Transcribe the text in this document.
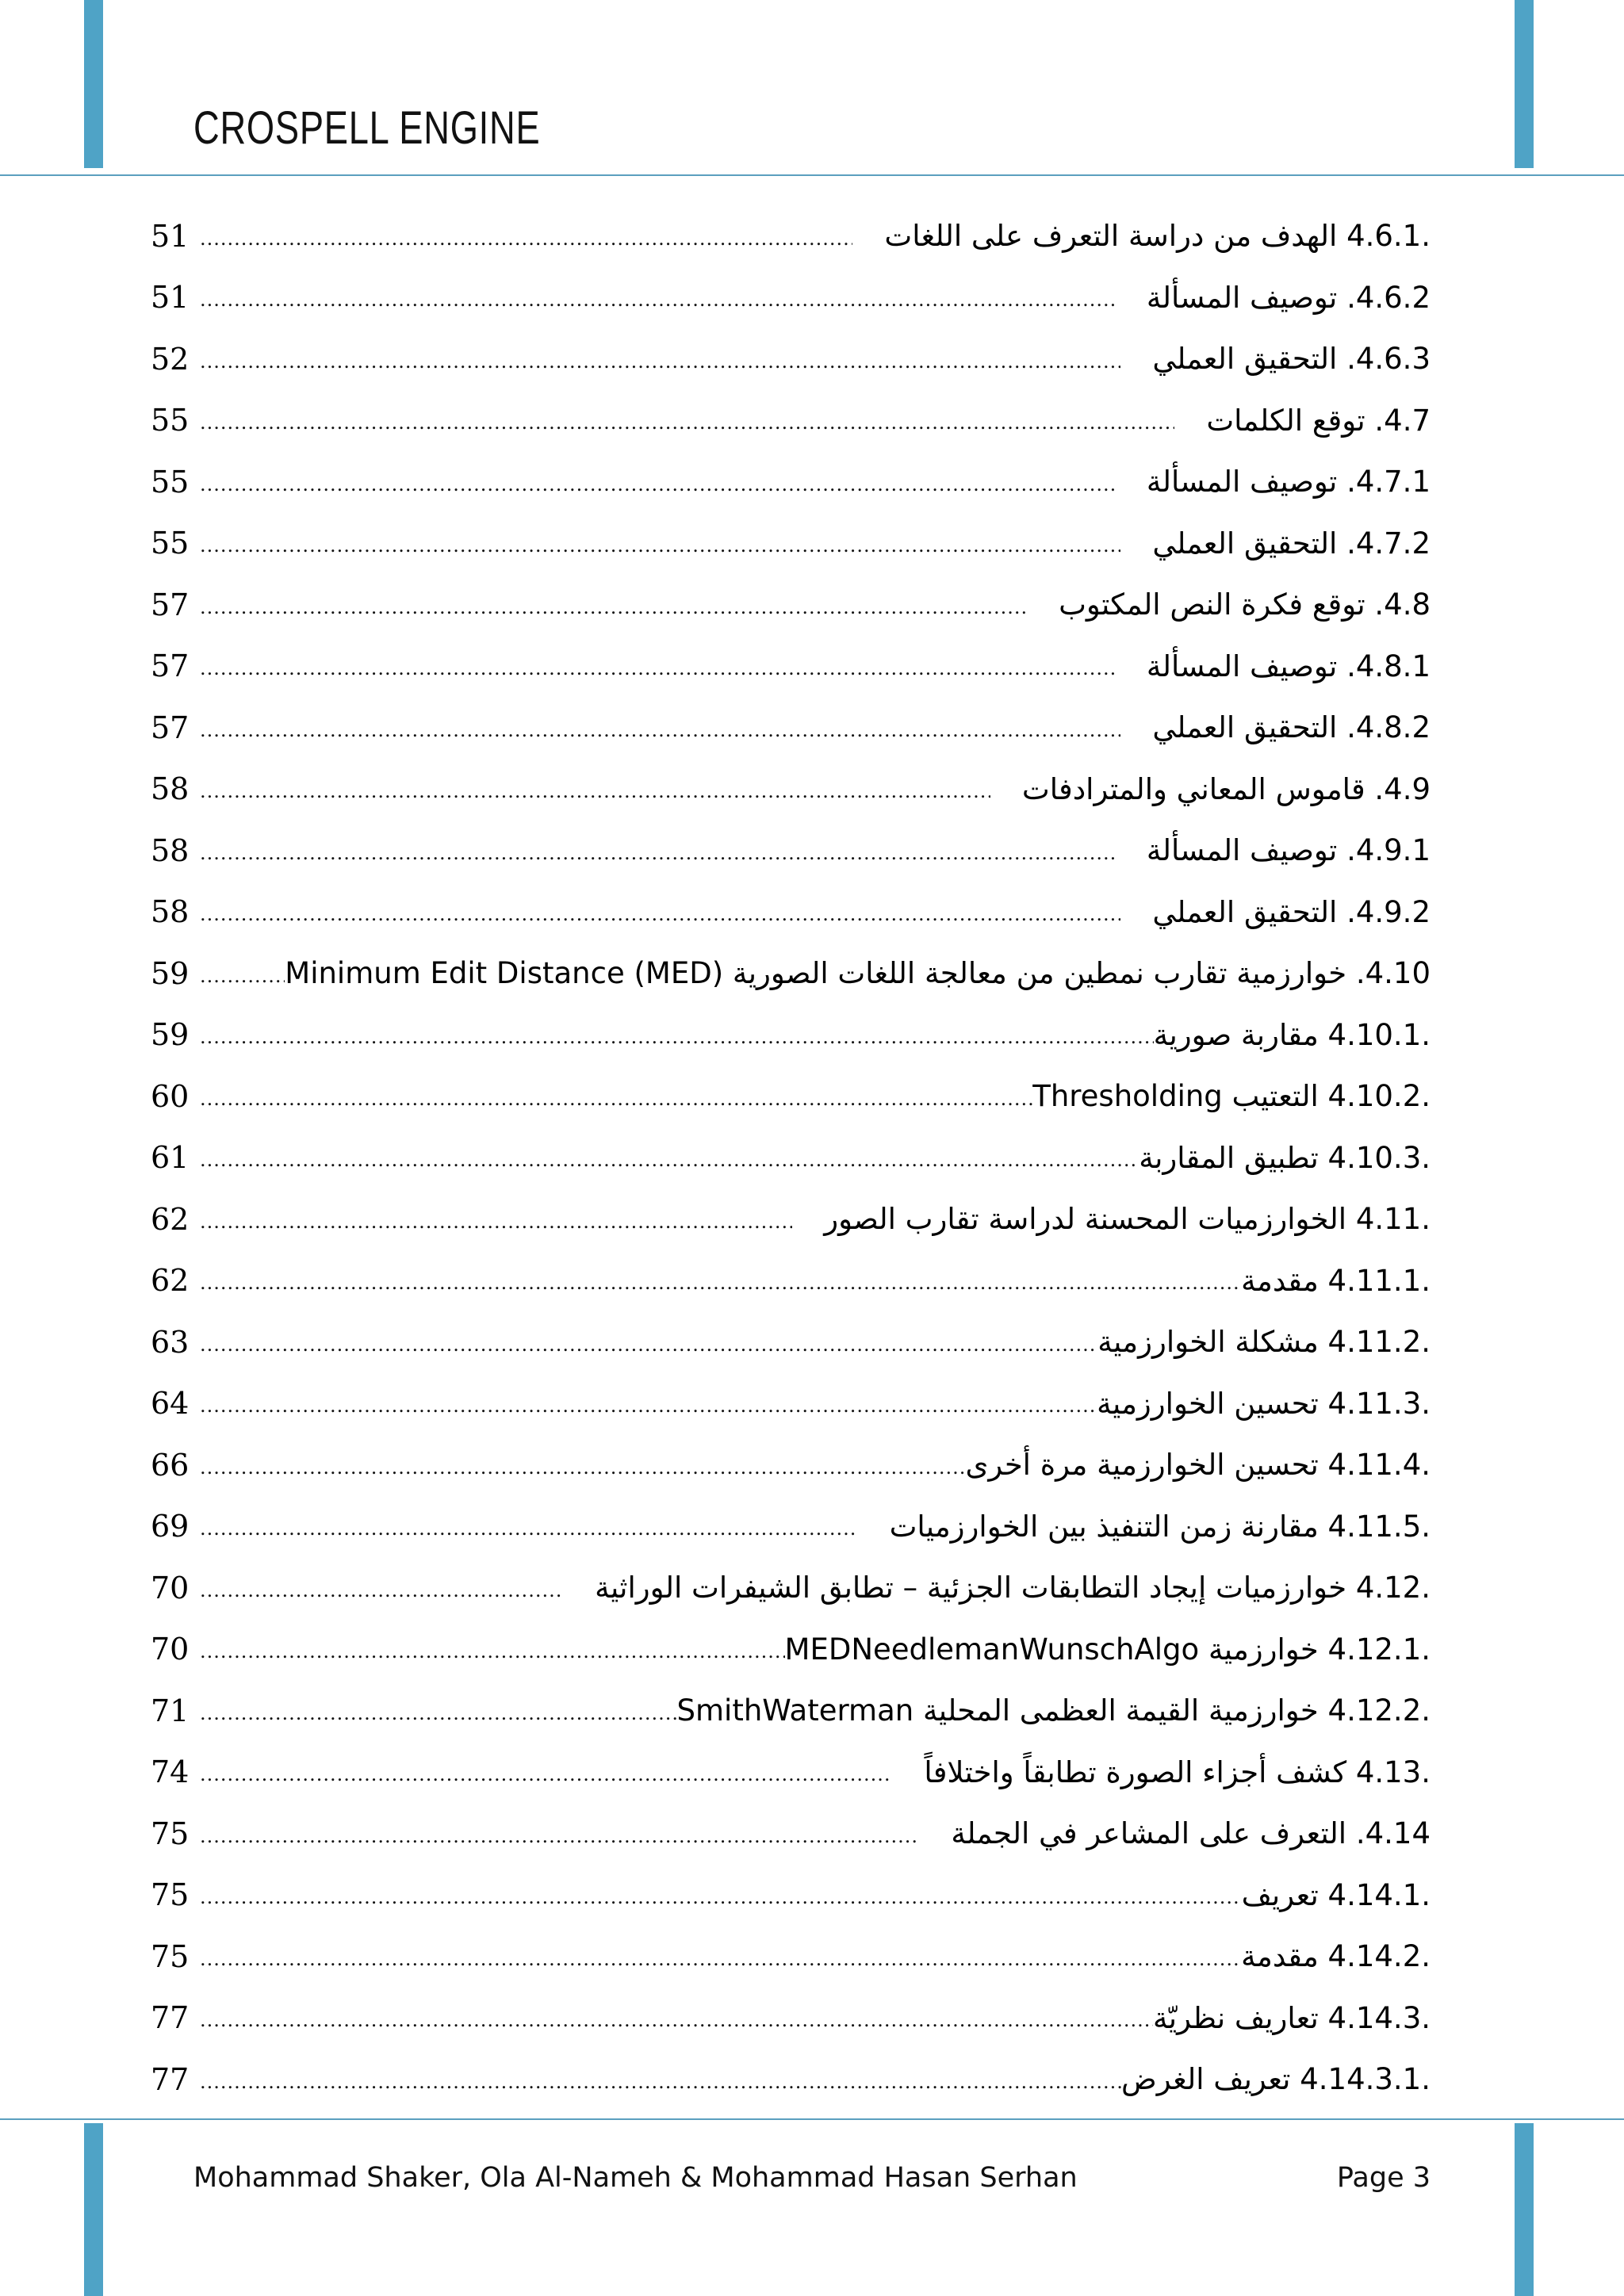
CROSPELL ENGINE
51 .....	.4.6.1 الهدف من دراسة التعرف على اللغات
51 .....	4.6.2. توصيف المسألة
52 .....	4.6.3. التحقيق العملي
55 .....	4.7. توقع الكلمات
55 .....	4.7.1. توصيف المسألة
55 .....	4.7.2. التحقيق العملي
57 .....	4.8. توقع فكرة النص المكتوب
57 .....	4.8.1. توصيف المسألة
57 .....	4.8.2. التحقيق العملي
58 .....	4.9. قاموس المعاني والمترادفات
58 .....	4.9.1. توصيف المسألة
58 .....	4.9.2. التحقيق العملي
59 .....	4.10. خوارزمية تقارب نمطين من معالجة اللغات الصورية Minimum Edit Distance (MED)
59 .....	.4.10.1 مقاربة صورية
60 .....	.4.10.2 التعتيب Thresholding
61 .....	.4.10.3 تطبيق المقاربة
62 .....	.4.11 الخوارزميات المحسنة لدراسة تقارب الصور
62 .....	.4.11.1 مقدمة
63 .....	.4.11.2 مشكلة الخوارزمية
64 .....	.4.11.3 تحسين الخوارزمية
66 .....	.4.11.4 تحسين الخوارزمية مرة أخرى
69 .....	.4.11.5 مقارنة زمن التنفيذ بين الخوارزميات
70 .....	.4.12 خوارزميات إيجاد التطابقات الجزئية – تطابق الشيفرات الوراثية
70 .....	.4.12.1 خوارزمية MEDNeedlemanWunschAlgo
71 .....	.4.12.2 خوارزمية القيمة العظمى المحلية SmithWaterman
74 .....	.4.13 كشف أجزاء الصورة تطابقاً واختلافاً
75 .....	4.14. التعرف على المشاعر في الجملة
75 .....	.4.14.1 تعريف
75 .....	.4.14.2 مقدمة
77 .....	.4.14.3 تعاريف نظريّة
77 .....	.4.14.3.1 تعريف الغرض
Mohammad Shaker, Ola Al-Nameh & Mohammad Hasan Serhan	Page 3
